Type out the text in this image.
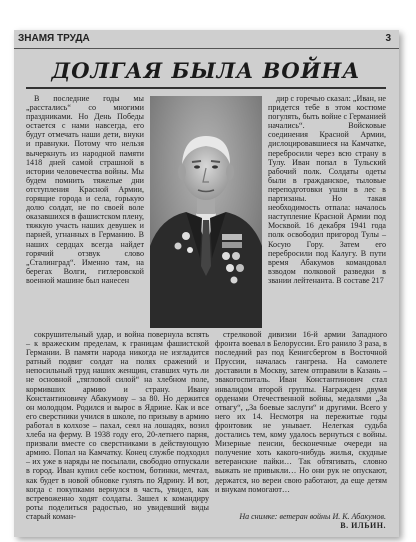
ЗНАМЯ ТРУДА	3
ДОЛГАЯ БЫЛА ВОЙНА

В последние годы мы „расстались“ со многими праздниками. Но День Победы остается с нами навсегда, его будут отмечать наши дети, внуки и правнуки. Потому что нельзя вычеркнуть из народной памяти 1418 дней самой страшной в истории человечества войны. Мы будем помнить тяжелые дни отступления Красной Армии, горящие города и села, горькую долю солдат, не по своей воле оказавшихся в фашистском плену, тяжкую участь наших девушек и парней, угнанных в Германию. В наших сердцах всегда найдет горячий отзвук слово „Сталинград“. Именно там, на берегах Волги, гитлеровской военной машине был нанесен

дир с горечью сказал: „Иван, не придется тебе в этом костюме погулять, быть войне с Германией начались“. Войсковые соединения Красной Армии, дислоцировавшиеся на Камчатке, перебросили через всю страну в Тулу. Иван попал в Тульский рабочий полк. Солдаты одеты были в гражданское, тыловые переподготовки ушли в лес в партизаны. Но такая необходимость отпала: началось наступление Красной Армии под Москвой. 16 декабря 1941 года полк освободил пригород Тулы – Косую Гору. Затем его перебросили под Калугу. В пути время Абакумов командовал взводом полковой разведки в звании лейтенанта. В составе 217

сокрушительный удар, и война повернула вспять – к вражеским пределам, к границам фашистской Германии. В памяти народа никогда не изгладится ратный подвиг солдат на полях сражений и непосильный труд наших женщин, ставших чуть ли не основной „тягловой силой“ на хлебном поле, кормивших армию и страну. Ивану Константиновичу Абакумову – за 80. Но держится он молодцом. Родился и вырос в Ядрине. Как и все его сверстники учился в школе, по призыву в армию работал в колхозе – пахал, сеял на лошадях, возил хлеба на ферму. В 1938 году его, 20-летнего парня, призвали вместе со сверстниками в действующую армию. Попал на Камчатку. Конец службе подходил – их уже в наряды не посылали, свободно отпускали в город. Иван купил себе костюм, ботинки, мечтал, как будет в новой обновке гулять по Ядрину. И вот, когда с покупками вернулся в часть, увидел, как встревоженно ходят солдаты. Зашел к командиру роты поделиться радостью, но увидевший виды старый коман-

стрелковой дивизии 16-й армии Западного фронта воевал в Белоруссии. Его ранило 3 раза, в последний раз под Кенигсбергом в Восточной Пруссии, началась гангрена. На самолете доставили в Москву, затем отправили в Казань – эвакогоспиталь. Иван Константинович стал инвалидом второй группы. Награжден двумя орденами Отечественной войны, медалями „За отвагу“, „За боевые заслуги“ и другими. Всего у него их 14. Несмотря на пережитые годы фронтовик не унывает. Нелегкая судьба достались тем, кому удалось вернуться с войны. Мизерные пенсии, бесконечные очереди на получение хоть какого-нибудь жилья, скудные ветеранские пайки… Так обтягивать, словно выжать не привыкли… Но они рук не опускают, держатся, но вереи свою работают, да еще детям и внукам помогают…

На снимке: ветеран войны И. К. Абакумов.
В. ИЛЬИН.
